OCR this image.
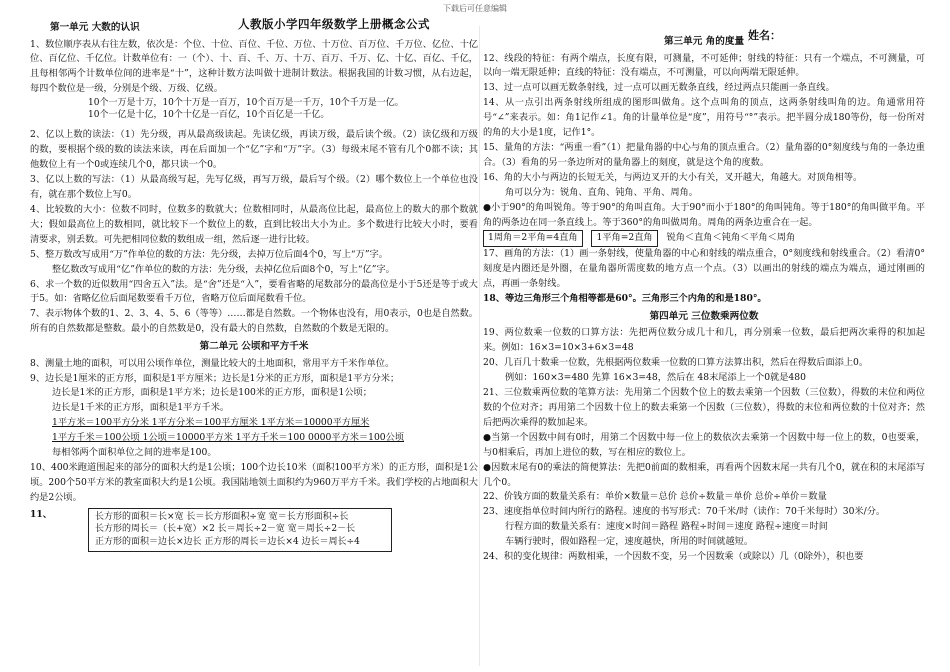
下载后可任意编辑
人教版小学四年级数学上册概念公式
姓名：
第一单元 大数的认识

1、数位顺序表从右往左数，依次是：个位、十位、百位、千位、万位、十万位、百万位、千万位、亿位、十亿位、百亿位、千亿位。计数单位有：一（个）、十、百、千、万、十万、百万、千万、亿、十亿、百亿、千亿，且每相邻两个计数单位间的进率是“十”，这种计数方法叫做十进制计数法。根据我国的计数习惯，从右边起，每四个数位是一级，分别是个级、万级、亿级。

10个一万是十万，10个十万是一百万，10个百万是一千万，10个千万是一亿。

10个一亿是十亿，10个十亿是一百亿，10个百亿是一千亿。

2、亿以上数的读法：（1）先分级，再从最高级读起。先读亿级，再读万级，最后读个级。（2）读亿级和万级的数，要根据个级的数的读法来读，再在后面加一个“亿”字和“万”字。（3）每级末尾不管有几个0都不读；其他数位上有一个0或连续几个0，都只读一个0。

3、亿以上数的写法：（1）从最高级写起，先写亿级，再写万级，最后写个级。（2）哪个数位上一个单位也没有，就在那个数位上写0。

4、比较数的大小：位数不同时，位数多的数就大；位数相同时，从最高位比起，最高位上的数大的那个数就大；假如最高位上的数相同，就比较下一个数位上的数，直到比较出大小为止。多个数进行比较大小时，要看清要求，别丢数。可先把相同位数的数组成一组，然后逐一进行比较。

5、整万数改写成用“万”作单位的数的方法：先分级，去掉万位后面4个0，写上“万”字。

整亿数改写成用“亿”作单位的数的方法：先分级，去掉亿位后面8个0，写上“亿”字。

6、求一个数的近似数用“四舍五入”法。是“舍”还是“入”，要看省略的尾数部分的最高位是小于5还是等于或大于5。如：省略亿位后面尾数要看千万位，省略万位后面尾数看千位。

7、表示物体个数的1、2、3、4、5、6（等等）……都是自然数。一个物体也没有，用0表示，0也是自然数。所有的自然数都是整数。最小的自然数是0，没有最大的自然数，自然数的个数是无限的。

第二单元 公顷和平方千米

8、测量土地的面积，可以用公顷作单位，测量比较大的土地面积，常用平方千米作单位。

9、边长是1厘米的正方形，面积是1平方厘米；边长是1分米的正方形，面积是1平方分米；

边长是1米的正方形，面积是1平方米；边长是100米的正方形，面积是1公顷；

边长是1千米的正方形，面积是1平方千米。

1平方米＝100平方分米 1平方分米＝100平方厘米 1平方米＝10000平方厘米

1平方千米＝100公顷 1公顷＝10000平方米 1平方千米＝100 0000平方米＝100公顷

每相邻两个面积单位之间的进率是100。

10、400米跑道围起来的部分的面积大约是1公顷；100个边长10米（面积100平方米）的正方形，面积是1公顷。200个50平方米的教室面积大约是1公顷。我国陆地领土面积约为960万平方千米。我们学校的占地面积大约是2公顷。

11、	长方形的面积＝长×宽 长＝长方形面积÷宽 宽＝长方形面积÷长
长方形的周长＝（长+宽）×2 长＝周长÷2－宽 宽＝周长÷2－长
正方形的面积＝边长×边长 正方形的周长＝边长×4 边长＝周长÷4
第三单元 角的度量

12、线段的特征：有两个端点，长度有限，可测量，不可延伸；射线的特征：只有一个端点，不可测量，可以向一端无限延伸；直线的特征：没有端点，不可测量，可以向两端无限延伸。

13、过一点可以画无数条射线，过一点可以画无数条直线，经过两点只能画一条直线。

14、从一点引出两条射线所组成的图形叫做角。这个点叫角的顶点，这两条射线叫角的边。角通常用符号“∠”来表示。如：角1记作∠1。角的计量单位是“度”，用符号“°”表示。把半圆分成180等份，每一份所对的角的大小是1度，记作1°。

15、量角的方法：“两重一看”（1）把量角器的中心与角的顶点重合。（2）量角器的0°刻度线与角的一条边重合。（3）看角的另一条边所对的量角器上的刻度，就是这个角的度数。

16、角的大小与两边的长短无关，与两边叉开的大小有关，叉开越大，角越大。对顶角相等。

角可以分为：锐角、直角、钝角、平角、周角。

●小于90°的角叫锐角。等于90°的角叫直角。大于90°而小于180°的角叫钝角。等于180°的角叫做平角。平角的两条边在同一条直线上。等于360°的角叫做周角。周角的两条边重合在一起。

1周角＝2平角=4直角 1平角=2直角 锐角＜直角＜钝角＜平角＜周角

17、画角的方法：（1）画一条射线，使量角器的中心和射线的端点重合，0°刻度线和射线重合。（2）看清0°刻度是内圈还是外圈，在量角器所需度数的地方点一个点。（3）以画出的射线的端点为端点，通过刚画的点，再画一条射线。

18、等边三角形三个角相等都是60°。三角形三个内角的和是180°。

第四单元 三位数乘两位数

19、两位数乘一位数的口算方法：先把两位数分成几十和几，再分别乘一位数，最后把两次乘得的积加起来。例如：16×3=10×3+6×3=48

20、几百几十数乘一位数，先根据两位数乘一位数的口算方法算出积，然后在得数后面添上0。

例如：160×3=480 先算 16×3=48，然后在 48末尾添上一个0就是480

21、三位数乘两位数的笔算方法：先用第二个因数个位上的数去乘第一个因数（三位数），得数的末位和两位数的个位对齐；再用第二个因数十位上的数去乘第一个因数（三位数），得数的末位和两位数的十位对齐；然后把两次乘得的数加起来。

●当第一个因数中间有0时，用第二个因数中每一位上的数依次去乘第一个因数中每一位上的数，0也要乘，与0相乘后，再加上进位的数，写在相应的数位上。

●因数末尾有0的乘法的简便算法：先把0前面的数相乘，再看两个因数末尾一共有几个0，就在积的末尾添写几个0。

22、价钱方面的数量关系有：单价×数量＝总价 总价÷数量＝单价 总价÷单价＝数量

23、速度指单位时间内所行的路程。速度的书写形式：70千米/时（读作：70千米每时）30米/分。

行程方面的数量关系有：速度×时间＝路程 路程÷时间＝速度 路程÷速度＝时间

车辆行驶时，假如路程一定，速度越快，所用的时间就越短。

24、积的变化规律：两数相乘，一个因数不变，另一个因数乘（或除以）几（0除外），积也要
